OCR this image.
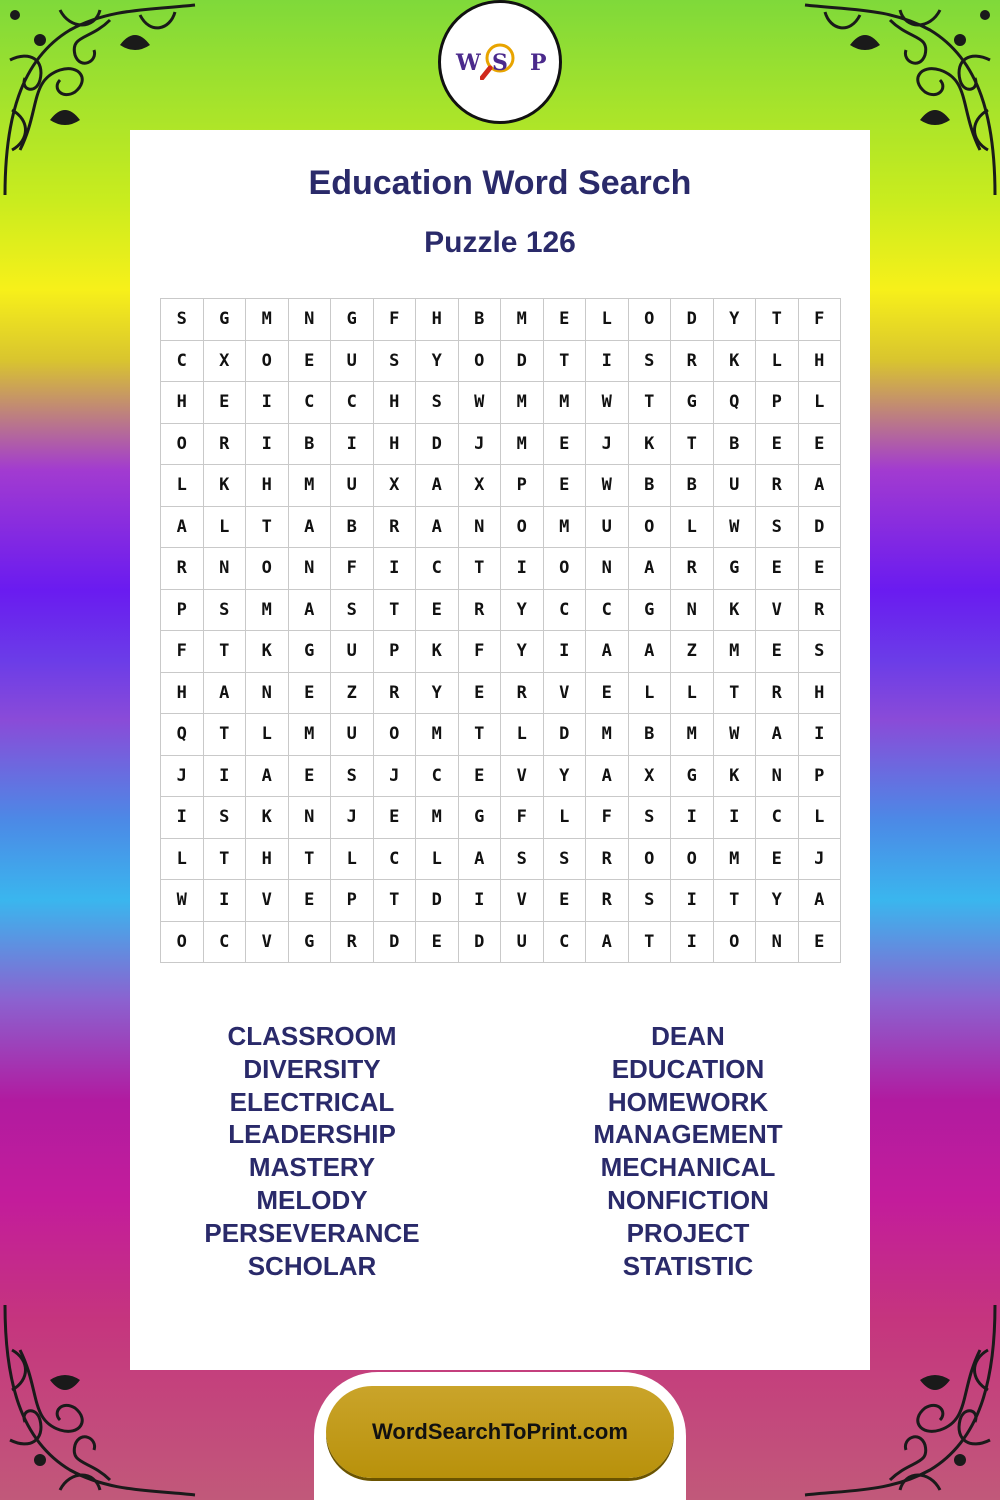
W S P
Education Word Search
Puzzle 126
S	G	M	N	G	F	H	B	M	E	L	O	D	Y	T	F
C	X	O	E	U	S	Y	O	D	T	I	S	R	K	L	H
H	E	I	C	C	H	S	W	M	M	W	T	G	Q	P	L
O	R	I	B	I	H	D	J	M	E	J	K	T	B	E	E
L	K	H	M	U	X	A	X	P	E	W	B	B	U	R	A
A	L	T	A	B	R	A	N	O	M	U	O	L	W	S	D
R	N	O	N	F	I	C	T	I	O	N	A	R	G	E	E
P	S	M	A	S	T	E	R	Y	C	C	G	N	K	V	R
F	T	K	G	U	P	K	F	Y	I	A	A	Z	M	E	S
H	A	N	E	Z	R	Y	E	R	V	E	L	L	T	R	H
Q	T	L	M	U	O	M	T	L	D	M	B	M	W	A	I
J	I	A	E	S	J	C	E	V	Y	A	X	G	K	N	P
I	S	K	N	J	E	M	G	F	L	F	S	I	I	C	L
L	T	H	T	L	C	L	A	S	S	R	O	O	M	E	J
W	I	V	E	P	T	D	I	V	E	R	S	I	T	Y	A
O	C	V	G	R	D	E	D	U	C	A	T	I	O	N	E
CLASSROOM
DIVERSITY
ELECTRICAL
LEADERSHIP
MASTERY
MELODY
PERSEVERANCE
SCHOLAR
DEAN
EDUCATION
HOMEWORK
MANAGEMENT
MECHANICAL
NONFICTION
PROJECT
STATISTIC
WordSearchToPrint.com
